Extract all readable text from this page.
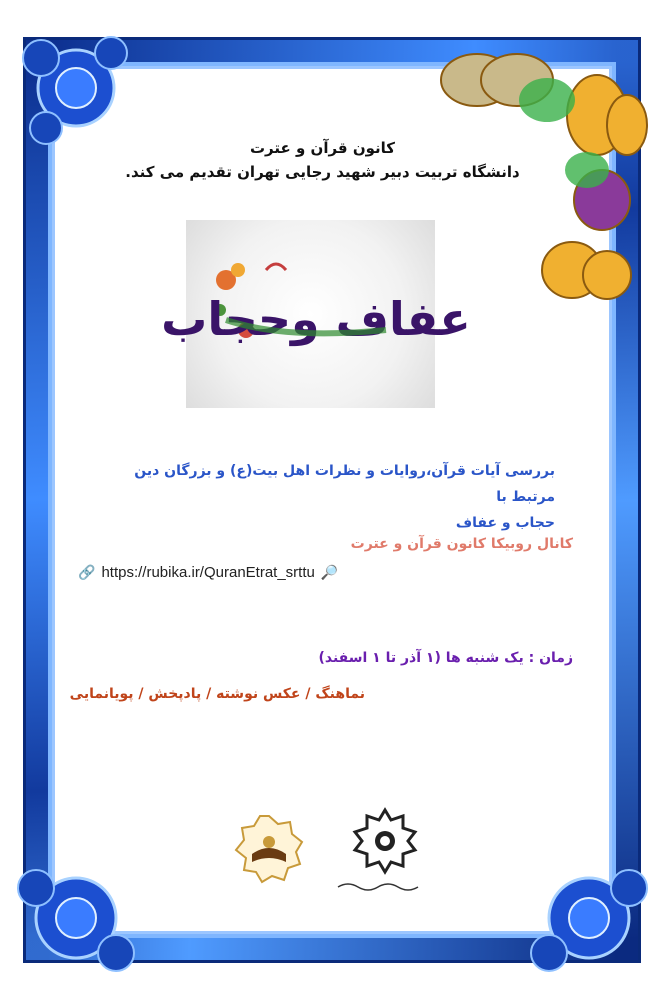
کانون قرآن و عترت
دانشگاه تربیت دبیر شهید رجایی تهران تقدیم می کند.
عفاف وحجاب
بررسی آیات قرآن،روایات و نظرات اهل بیت(ع) و بزرگان دین مرتبط با
حجاب و عفاف
کانال روبیکا کانون قرآن و عترت
🔗 https://rubika.ir/QuranEtrat_srttu 🔎
زمان : یک شنبه ها (۱ آذر تا ۱ اسفند)
نماهنگ / عکس نوشته / پادپخش / پویانمایی
